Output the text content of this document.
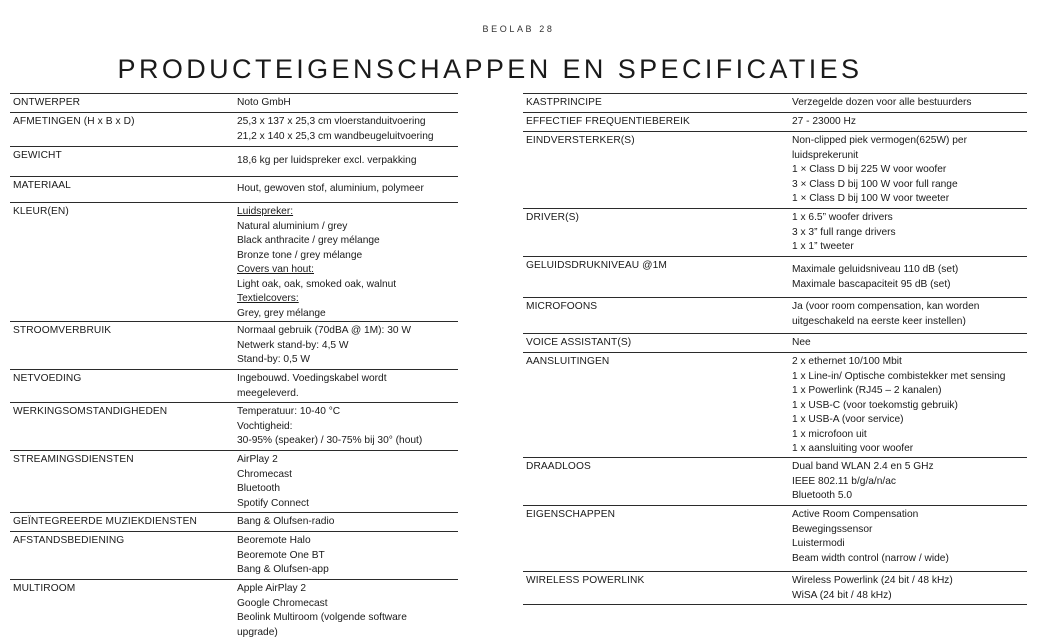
BEOLAB 28
PRODUCTEIGENSCHAPPEN EN SPECIFICATIES
ONTWERPER	Noto GmbH
AFMETINGEN (H x B x D)	25,3 x 137 x 25,3 cm vloerstanduitvoering
21,2 x 140 x 25,3 cm wandbeugeluitvoering
GEWICHT	18,6 kg per luidspreker excl. verpakking
MATERIAAL	Hout, gewoven stof, aluminium, polymeer
KLEUR(EN)	Luidspreker:
Natural aluminium / grey
Black anthracite / grey mélange
Bronze tone / grey mélange
Covers van hout:
Light oak, oak, smoked oak, walnut
Textielcovers:
Grey, grey mélange
STROOMVERBRUIK	Normaal gebruik (70dBA @ 1M): 30 W
Netwerk stand-by: 4,5 W
Stand-by: 0,5 W
NETVOEDING	Ingebouwd. Voedingskabel wordt
meegeleverd.
WERKINGSOMSTANDIGHEDEN	Temperatuur: 10-40 °C
Vochtigheid:
30-95% (speaker) / 30-75% bij 30° (hout)
STREAMINGSDIENSTEN	AirPlay 2
Chromecast
Bluetooth
Spotify Connect
GEÏNTEGREERDE MUZIEKDIENSTEN	Bang & Olufsen-radio
AFSTANDSBEDIENING	Beoremote Halo
Beoremote One BT
Bang & Olufsen-app
MULTIROOM	Apple AirPlay 2
Google Chromecast
Beolink Multiroom (volgende software
upgrade)
KASTPRINCIPE	Verzegelde dozen voor alle bestuurders
EFFECTIEF FREQUENTIEBEREIK	27 - 23000 Hz
EINDVERSTERKER(S)	Non-clipped piek vermogen(625W) per
luidsprekerunit
1 × Class D bij 225 W voor woofer
3 × Class D bij 100 W voor full range
1 × Class D bij 100 W voor tweeter
DRIVER(S)	1 x 6.5” woofer drivers
3 x 3” full range drivers
1 x 1” tweeter
GELUIDSDRUKNIVEAU @1M	Maximale geluidsniveau 110 dB (set)
Maximale bascapaciteit 95 dB (set)
MICROFOONS	Ja (voor room compensation, kan worden
uitgeschakeld na eerste keer instellen)
VOICE ASSISTANT(S)	Nee
AANSLUITINGEN	2 x ethernet 10/100 Mbit
1 x Line-in/ Optische combistekker met sensing
1 x Powerlink (RJ45 – 2 kanalen)
1 x USB-C (voor toekomstig gebruik)
1 x USB-A (voor service)
1 x microfoon uit
1 x aansluiting voor woofer
DRAADLOOS	Dual band WLAN 2.4 en 5 GHz
IEEE 802.11 b/g/a/n/ac
Bluetooth 5.0
EIGENSCHAPPEN	Active Room Compensation
Bewegingssensor
Luistermodi
Beam width control (narrow / wide)
WIRELESS POWERLINK	Wireless Powerlink (24 bit / 48 kHz)
WiSA (24 bit / 48 kHz)
